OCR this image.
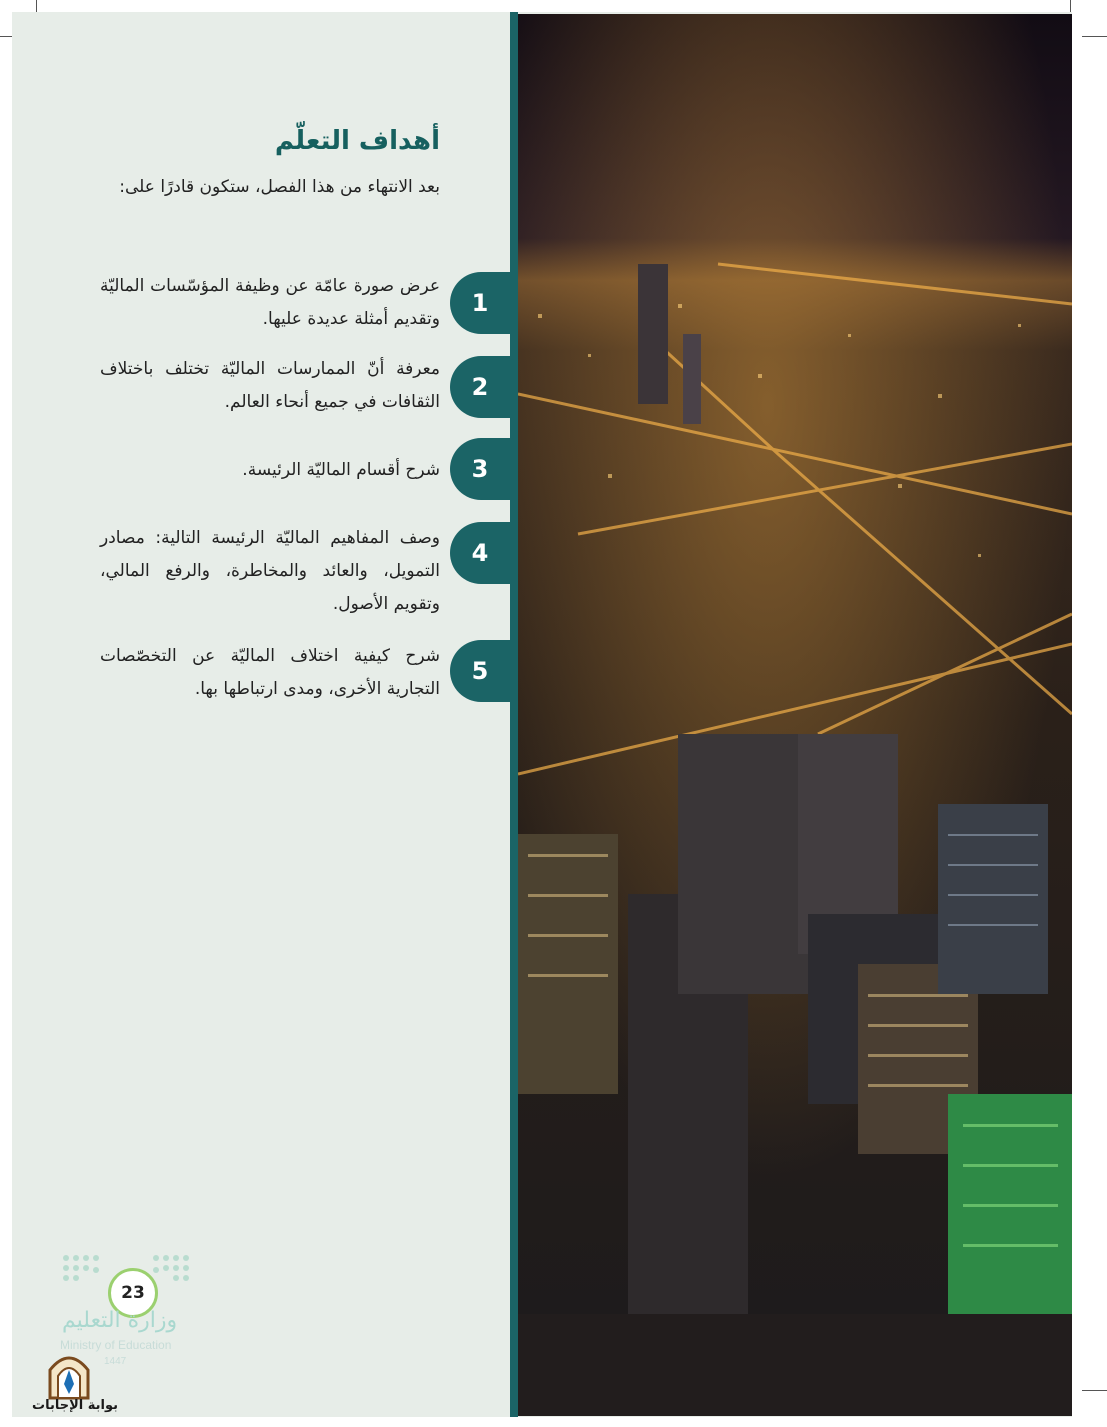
أهداف التعلّم
بعد الانتهاء من هذا الفصل، ستكون قادرًا على:
عرض صورة عامّة عن وظيفة المؤسّسات الماليّة وتقديم أمثلة عديدة عليها.
1
معرفة أنّ الممارسات الماليّة تختلف باختلاف الثقافات في جميع أنحاء العالم.
2
شرح أقسام الماليّة الرئيسة.	3
وصف المفاهيم الماليّة الرئيسة التالية: مصادر التمويل، والعائد والمخاطرة، والرفع المالي، وتقويم الأصول.
4
شرح كيفية اختلاف الماليّة عن التخصّصات التجارية الأخرى، ومدى ارتباطها بها.
5
23
وزارة التعليم
Ministry of Education
1447
بوابة الإجابات
